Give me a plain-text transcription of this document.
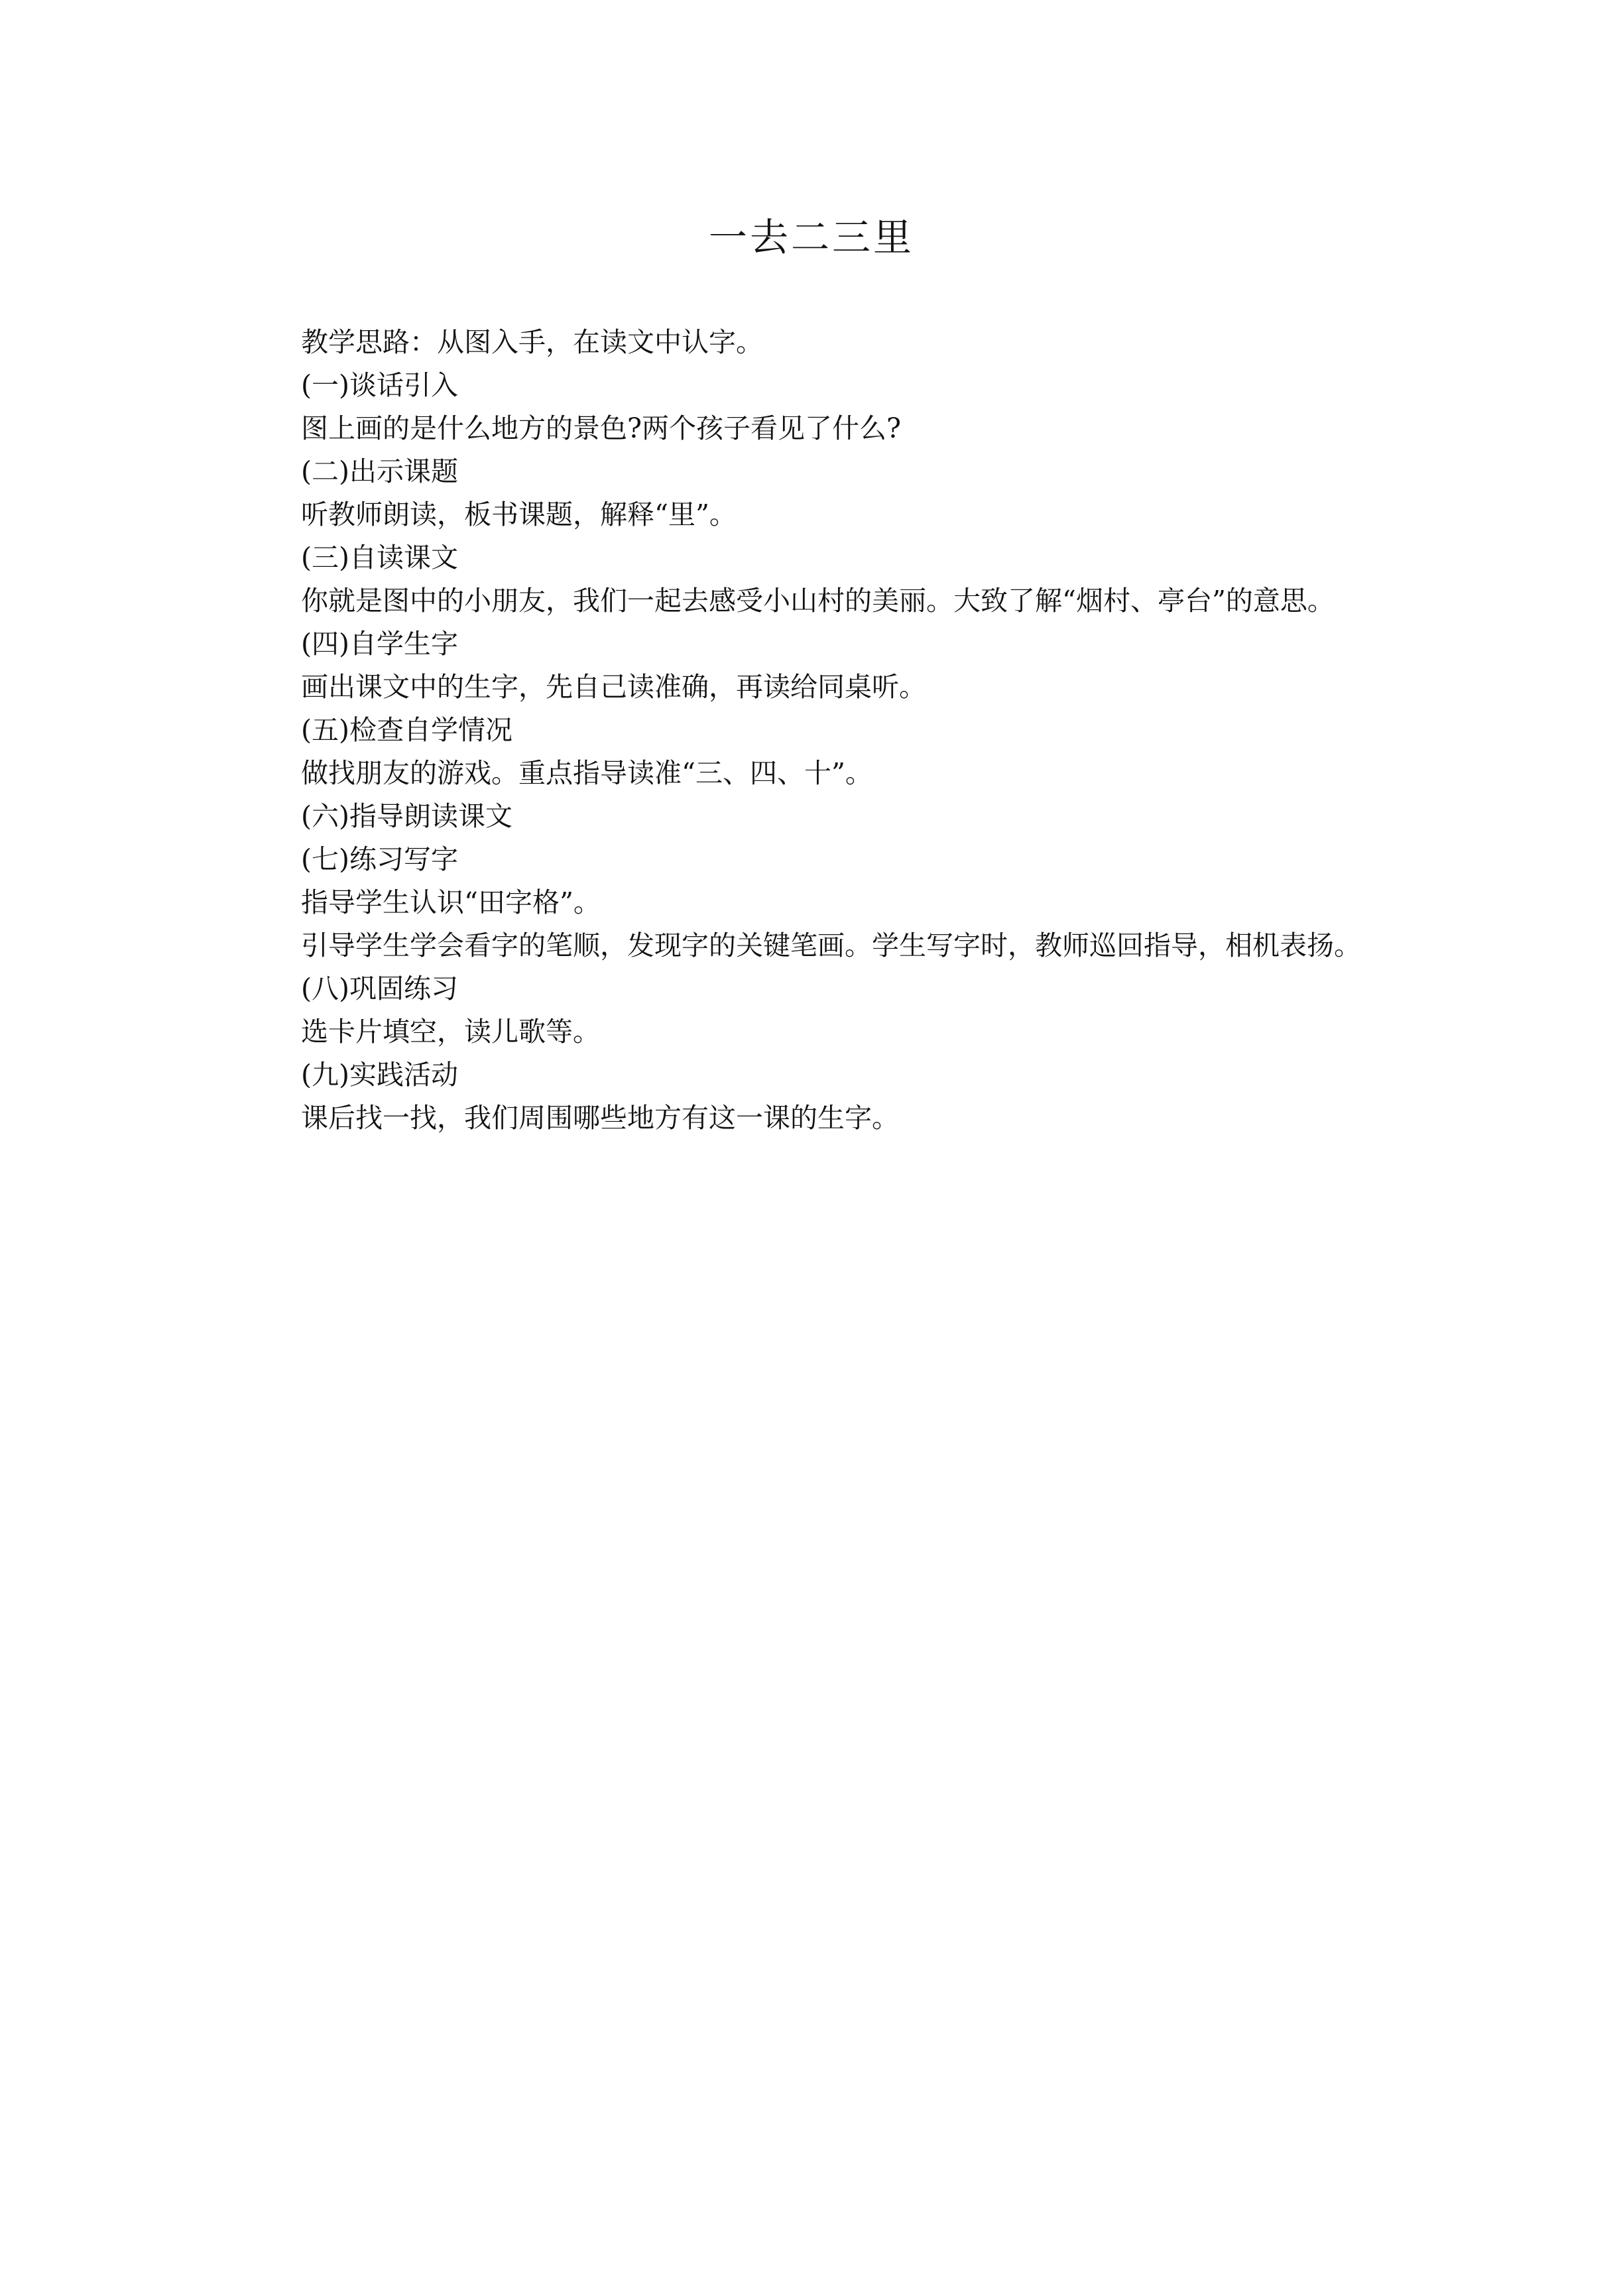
一去二三里

教学思路：从图入手，在读文中认字。

(一)谈话引入

图上画的是什么地方的景色?两个孩子看见了什么?

(二)出示课题

听教师朗读，板书课题，解释“里”。

(三)自读课文

你就是图中的小朋友，我们一起去感受小山村的美丽。大致了解“烟村、亭台”的意思。

(四)自学生字

画出课文中的生字，先自己读准确，再读给同桌听。

(五)检查自学情况

做找朋友的游戏。重点指导读准“三、四、十”。

(六)指导朗读课文

(七)练习写字

指导学生认识“田字格”。

引导学生学会看字的笔顺，发现字的关键笔画。学生写字时，教师巡回指导，相机表扬。

(八)巩固练习

选卡片填空，读儿歌等。

(九)实践活动

课后找一找，我们周围哪些地方有这一课的生字。
